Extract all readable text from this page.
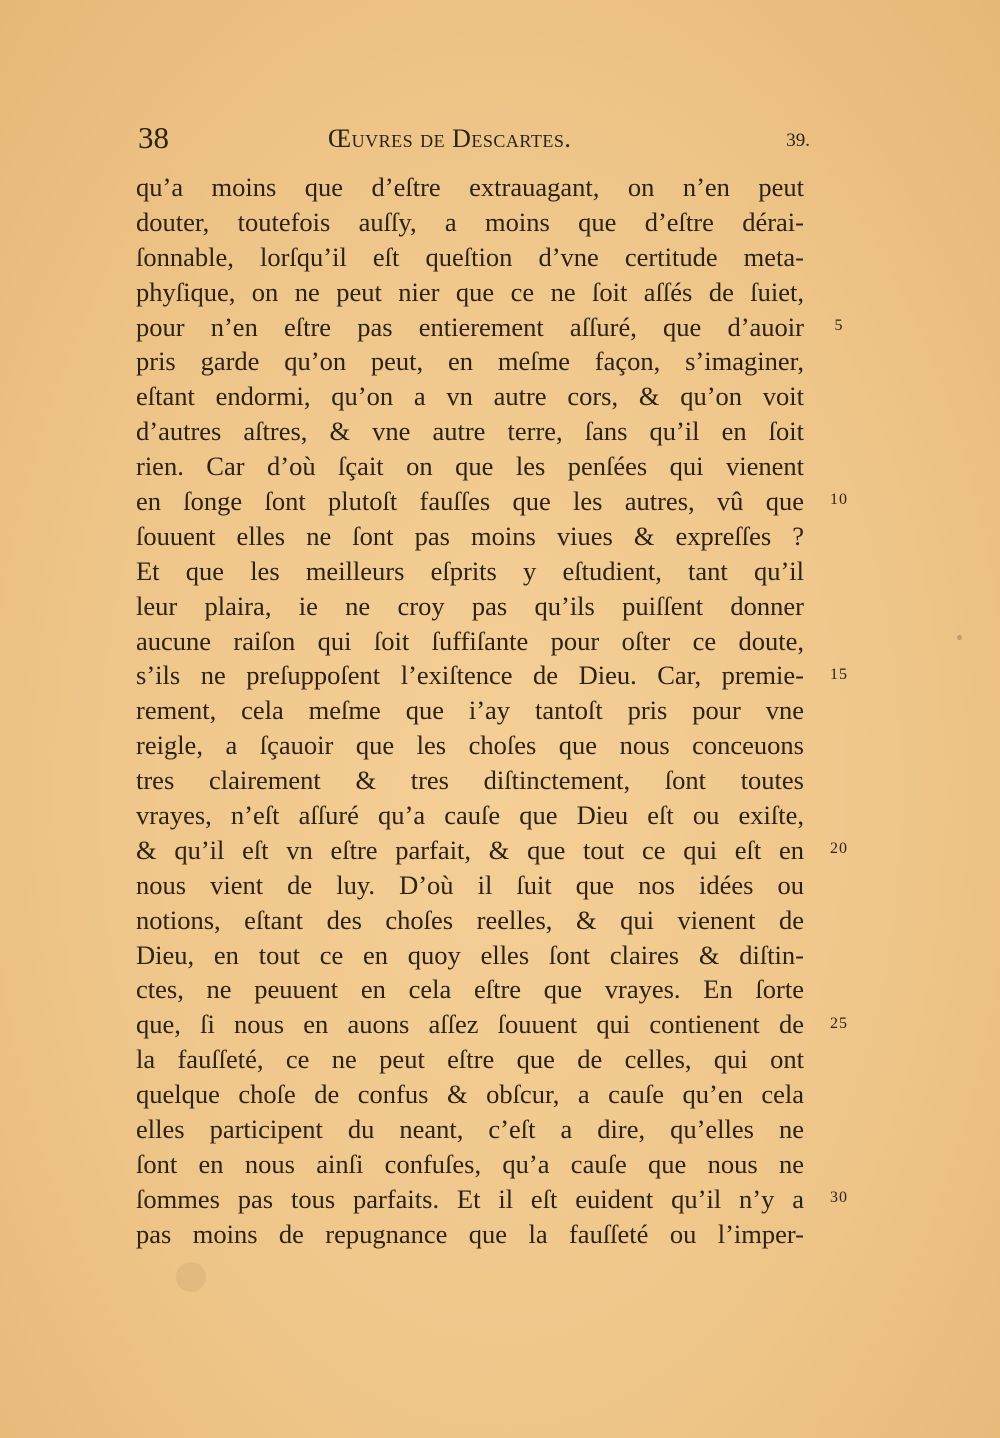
38	Œuvres de Descartes.	39.
qu’a moins que d’eſtre extrauagant, on n’en peut
douter, toutefois auſſy, a moins que d’eſtre dérai-
ſonnable, lorſqu’il eſt queſtion d’vne certitude meta-
phyſique, on ne peut nier que ce ne ſoit aſſés de ſuiet,
pour n’en eſtre pas entierement aſſuré, que d’auoir
pris garde qu’on peut, en meſme façon, s’imaginer,
eſtant endormi, qu’on a vn autre cors, & qu’on voit
d’autres aſtres, & vne autre terre, ſans qu’il en ſoit
rien. Car d’où ſçait on que les penſées qui vienent
en ſonge ſont plutoſt fauſſes que les autres, vû que
ſouuent elles ne ſont pas moins viues & expreſſes ?
Et que les meilleurs eſprits y eſtudient, tant qu’il
leur plaira, ie ne croy pas qu’ils puiſſent donner
aucune raiſon qui ſoit ſuffiſante pour oſter ce doute,
s’ils ne preſuppoſent l’exiſtence de Dieu. Car, premie-
rement, cela meſme que i’ay tantoſt pris pour vne
reigle, a ſçauoir que les choſes que nous conceuons
tres clairement & tres diſtinctement, ſont toutes
vrayes, n’eſt aſſuré qu’a cauſe que Dieu eſt ou exiſte,
& qu’il eſt vn eſtre parfait, & que tout ce qui eſt en
nous vient de luy. D’où il ſuit que nos idées ou
notions, eſtant des choſes reelles, & qui vienent de
Dieu, en tout ce en quoy elles ſont claires & diſtin-
ctes, ne peuuent en cela eſtre que vrayes. En ſorte
que, ſi nous en auons aſſez ſouuent qui contienent de
la fauſſeté, ce ne peut eſtre que de celles, qui ont
quelque choſe de confus & obſcur, a cauſe qu’en cela
elles participent du neant, c’eſt a dire, qu’elles ne
ſont en nous ainſi confuſes, qu’a cauſe que nous ne
ſommes pas tous parfaits. Et il eſt euident qu’il n’y a
pas moins de repugnance que la fauſſeté ou l’imper-
5
10
15
20
25
30
